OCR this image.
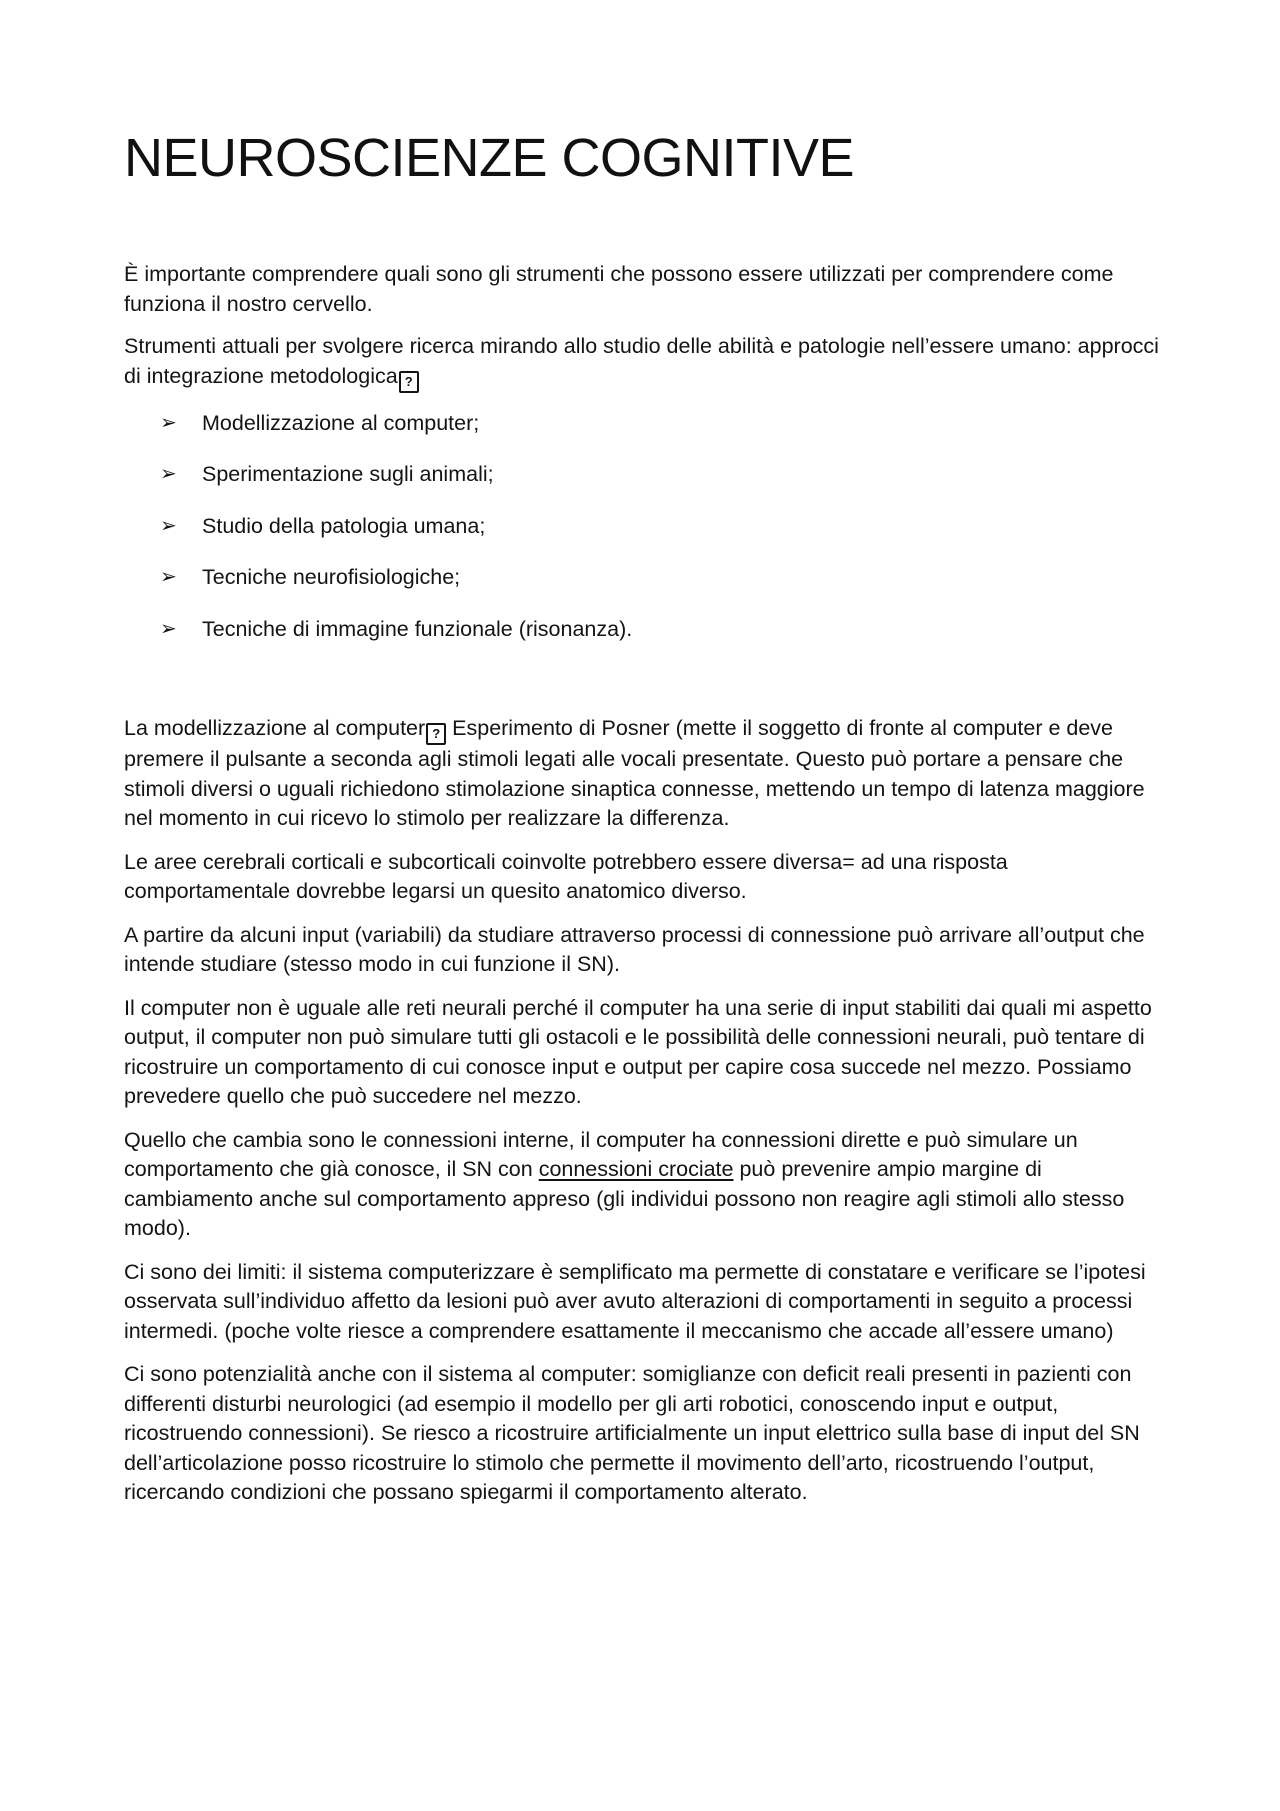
NEUROSCIENZE COGNITIVE

È importante comprendere quali sono gli strumenti che possono essere utilizzati per comprendere come funziona il nostro cervello.

Strumenti attuali per svolgere ricerca mirando allo studio delle abilità e patologie nell’essere umano: approcci di integrazione metodologica ?

➢	Modellizzazione al computer;
➢	Sperimentazione sugli animali;
➢	Studio della patologia umana;
➢	Tecniche neurofisiologiche;
➢	Tecniche di immagine funzionale (risonanza).

La modellizzazione al computer ? Esperimento di Posner (mette il soggetto di fronte al computer e deve premere il pulsante a seconda agli stimoli legati alle vocali presentate. Questo può portare a pensare che stimoli diversi o uguali richiedono stimolazione sinaptica connesse, mettendo un tempo di latenza maggiore nel momento in cui ricevo lo stimolo per realizzare la differenza.

Le aree cerebrali corticali e subcorticali coinvolte potrebbero essere diversa= ad una risposta comportamentale dovrebbe legarsi un quesito anatomico diverso.

A partire da alcuni input (variabili) da studiare attraverso processi di connessione può arrivare all’output che intende studiare (stesso modo in cui funzione il SN).

Il computer non è uguale alle reti neurali perché il computer ha una serie di input stabiliti dai quali mi aspetto output, il computer non può simulare tutti gli ostacoli e le possibilità delle connessioni neurali, può tentare di ricostruire un comportamento di cui conosce input e output per capire cosa succede nel mezzo. Possiamo prevedere quello che può succedere nel mezzo.

Quello che cambia sono le connessioni interne, il computer ha connessioni dirette e può simulare un comportamento che già conosce, il SN con connessioni crociate può prevenire ampio margine di cambiamento anche sul comportamento appreso (gli individui possono non reagire agli stimoli allo stesso modo).

Ci sono dei limiti: il sistema computerizzare è semplificato ma permette di constatare e verificare se l’ipotesi osservata sull’individuo affetto da lesioni può aver avuto alterazioni di comportamenti in seguito a processi intermedi. (poche volte riesce a comprendere esattamente il meccanismo che accade all’essere umano)

Ci sono potenzialità anche con il sistema al computer: somiglianze con deficit reali presenti in pazienti con differenti disturbi neurologici (ad esempio il modello per gli arti robotici, conoscendo input e output, ricostruendo connessioni). Se riesco a ricostruire artificialmente un input elettrico sulla base di input del SN dell’articolazione posso ricostruire lo stimolo che permette il movimento dell’arto, ricostruendo l’output, ricercando condizioni che possano spiegarmi il comportamento alterato.
